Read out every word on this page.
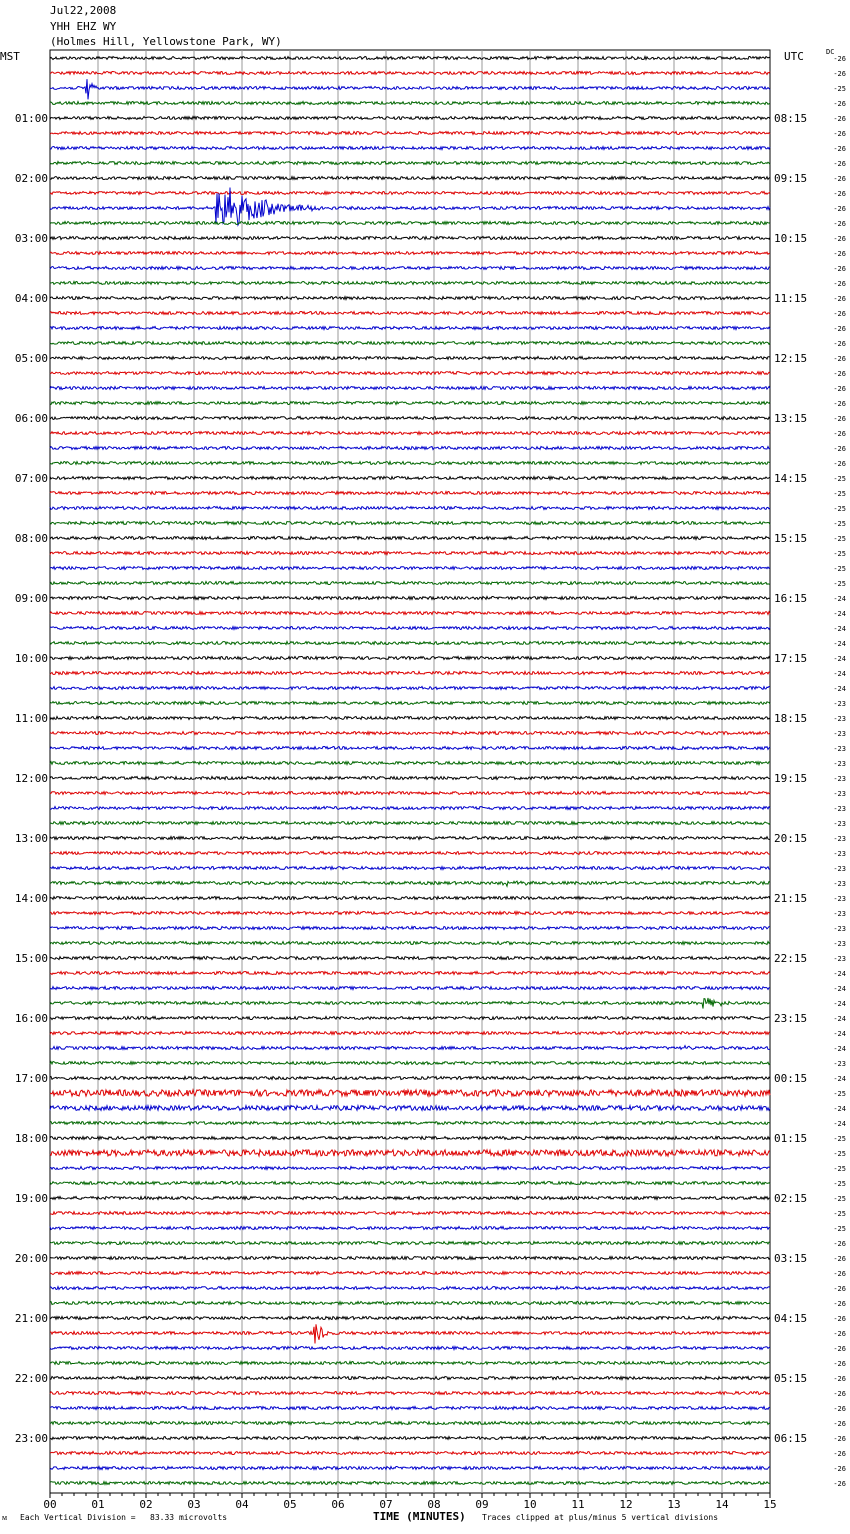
Jul22,2008
YHH EHZ WY
(Holmes Hill, Yellowstone Park, WY)
MST	UTC	DC
00	01	02	03	04	05	06	07	08	09	10	11	12	13	14	15
-26
-26
-25
-26
-26
-26
-26
-26
-26
-26
-26
-26
-26
-26
-26
-26
-26
-26
-26
-26
-26
-26
-26
-26
-26
-26
-26
-26
-25
-25
-25
-25
-25
-25
-25
-25
-24
-24
-24
-24
-24
-24
-24
-23
-23
-23
-23
-23
-23
-23
-23
-23
-23
-23
-23
-23
-23
-23
-23
-23
-23
-24
-24
-24
-24
-24
-24
-23
-24
-25
-24
-24
-25
-25
-25
-25
-25
-25
-25
-26
-26
-26
-26
-26
-26
-26
-26
-26
-26
-26
-26
-26
-26
-26
-26
-26
01:00
02:00
03:00
04:00
05:00
06:00
07:00
08:00
09:00
10:00
11:00
12:00
13:00
14:00
15:00
16:00
17:00
18:00
19:00
20:00
21:00
22:00
23:00
08:15
09:15
10:15
11:15
12:15
13:15
14:15
15:15
16:15
17:15
18:15
19:15
20:15
21:15
22:15
23:15
00:15
01:15
02:15
03:15
04:15
05:15
06:15
ᴍ Each Vertical Division =   83.33 microvolts	TIME (MINUTES) Traces clipped at plus/minus 5 vertical divisions
